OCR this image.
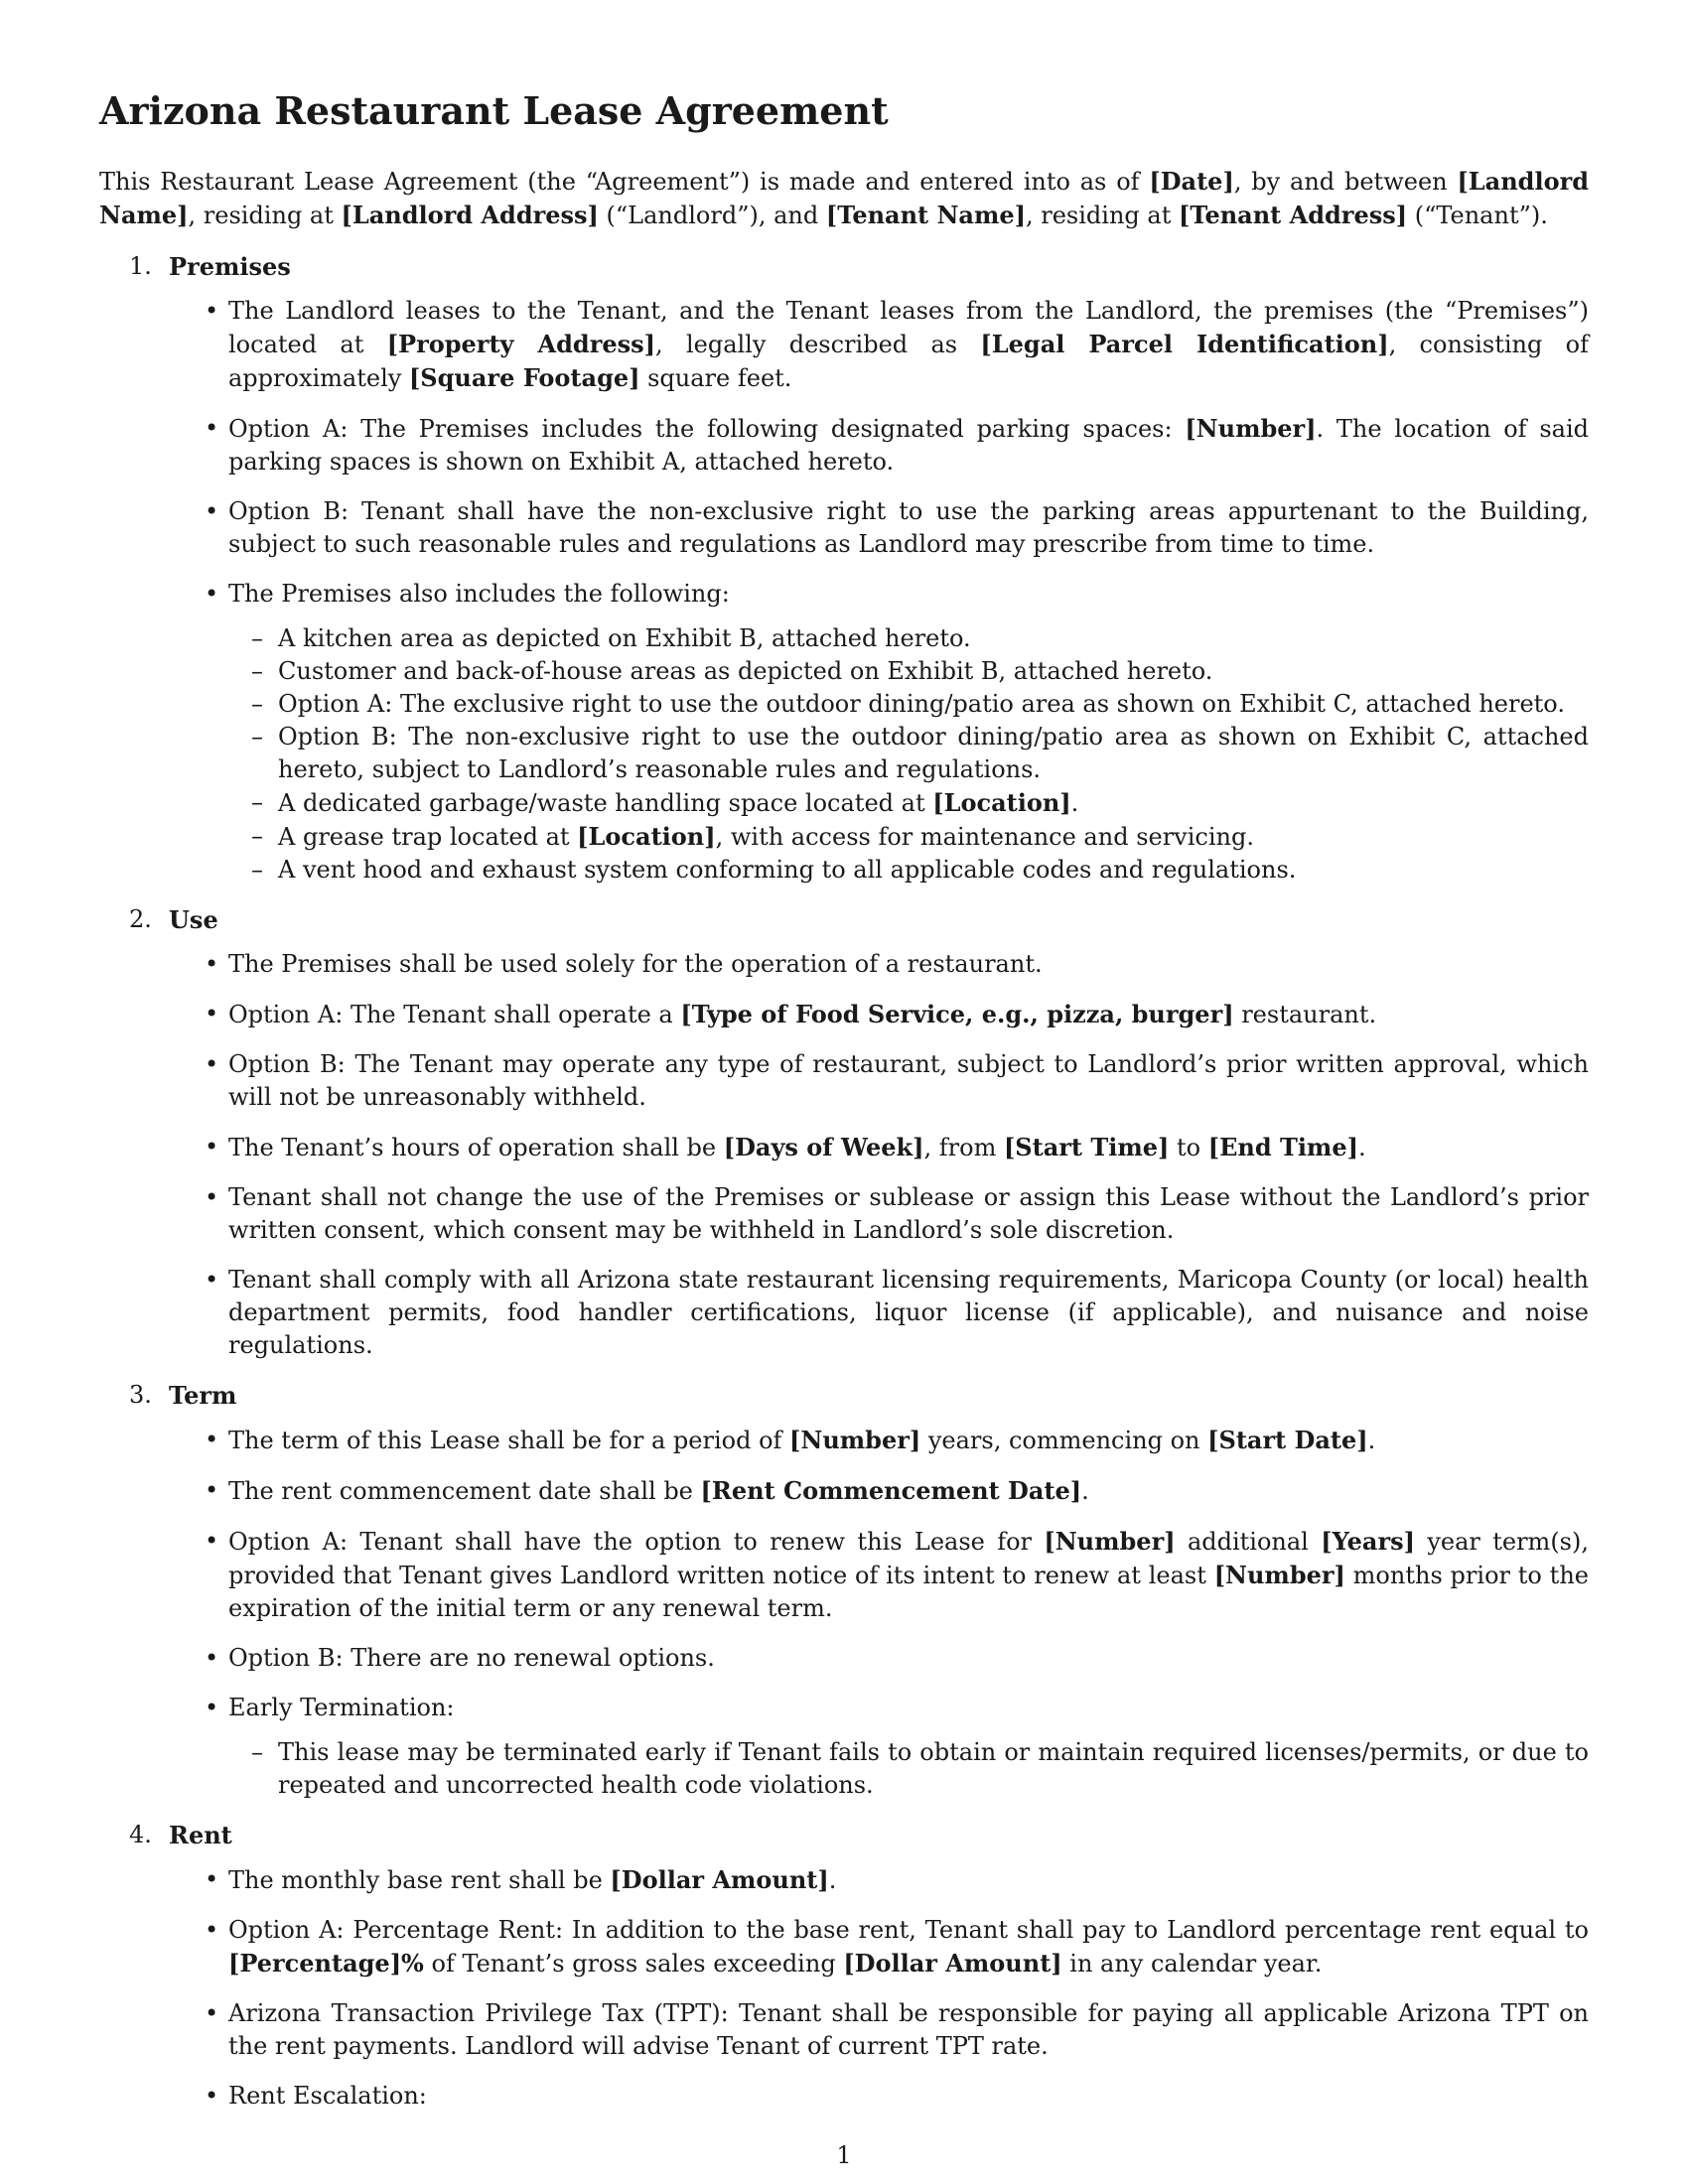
Arizona Restaurant Lease Agreement

This Restaurant Lease Agreement (the “Agreement”) is made and entered into as of [Date], by and between [Landlord Name], residing at [Landlord Address] (“Landlord”), and [Tenant Name], residing at [Tenant Address] (“Tenant”).

1. Premises
• The Landlord leases to the Tenant, and the Tenant leases from the Landlord, the premises (the “Premises”) located at [Property Address], legally described as [Legal Parcel Identification], consisting of approximately [Square Footage] square feet.
• Option A: The Premises includes the following designated parking spaces: [Number]. The location of said parking spaces is shown on Exhibit A, attached hereto.
• Option B: Tenant shall have the non-exclusive right to use the parking areas appurtenant to the Building, subject to such reasonable rules and regulations as Landlord may prescribe from time to time.
• The Premises also includes the following:
– A kitchen area as depicted on Exhibit B, attached hereto.
– Customer and back-of-house areas as depicted on Exhibit B, attached hereto.
– Option A: The exclusive right to use the outdoor dining/patio area as shown on Exhibit C, attached hereto.
– Option B: The non-exclusive right to use the outdoor dining/patio area as shown on Exhibit C, attached hereto, subject to Landlord’s reasonable rules and regulations.
– A dedicated garbage/waste handling space located at [Location].
– A grease trap located at [Location], with access for maintenance and servicing.
– A vent hood and exhaust system conforming to all applicable codes and regulations.
2. Use
• The Premises shall be used solely for the operation of a restaurant.
• Option A: The Tenant shall operate a [Type of Food Service, e.g., pizza, burger] restaurant.
• Option B: The Tenant may operate any type of restaurant, subject to Landlord’s prior written approval, which will not be unreasonably withheld.
• The Tenant’s hours of operation shall be [Days of Week], from [Start Time] to [End Time].
• Tenant shall not change the use of the Premises or sublease or assign this Lease without the Landlord’s prior written consent, which consent may be withheld in Landlord’s sole discretion.
• Tenant shall comply with all Arizona state restaurant licensing requirements, Maricopa County (or local) health department permits, food handler certifications, liquor license (if applicable), and nuisance and noise regulations.
3. Term
• The term of this Lease shall be for a period of [Number] years, commencing on [Start Date].
• The rent commencement date shall be [Rent Commencement Date].
• Option A: Tenant shall have the option to renew this Lease for [Number] additional [Years] year term(s), provided that Tenant gives Landlord written notice of its intent to renew at least [Number] months prior to the expiration of the initial term or any renewal term.
• Option B: There are no renewal options.
• Early Termination:
– This lease may be terminated early if Tenant fails to obtain or maintain required licenses/permits, or due to repeated and uncorrected health code violations.
4. Rent
• The monthly base rent shall be [Dollar Amount].
• Option A: Percentage Rent: In addition to the base rent, Tenant shall pay to Landlord percentage rent equal to [Percentage]% of Tenant’s gross sales exceeding [Dollar Amount] in any calendar year.
• Arizona Transaction Privilege Tax (TPT): Tenant shall be responsible for paying all applicable Arizona TPT on the rent payments. Landlord will advise Tenant of current TPT rate.
• Rent Escalation:
1
